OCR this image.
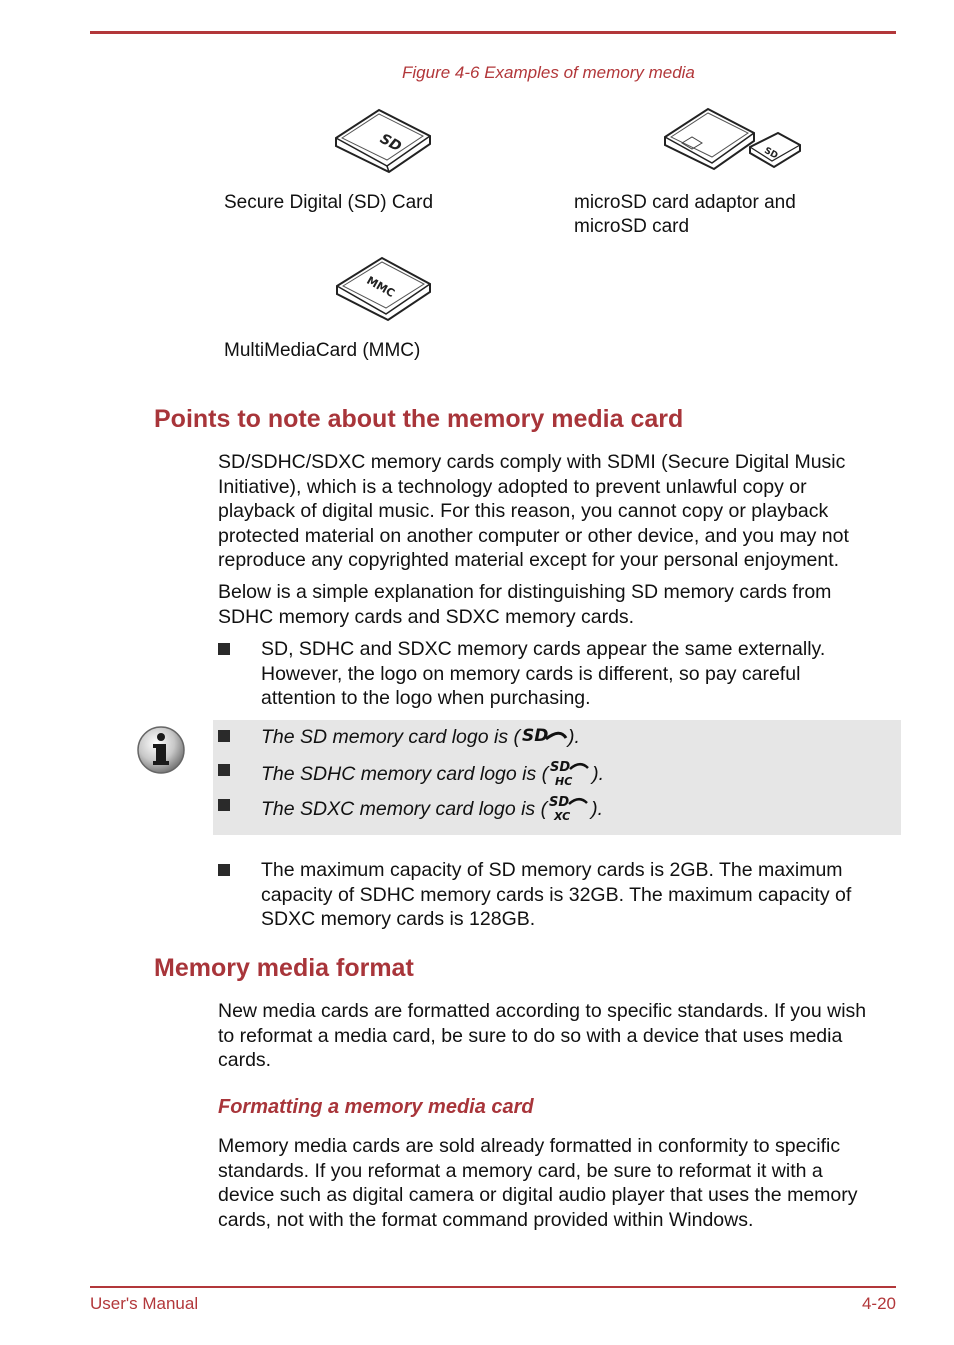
Figure 4-6 Examples of memory media
SD	SD
Secure Digital (SD) Card	microSD card adaptor and
microSD card
MMC
MultiMediaCard (MMC)
Points to note about the memory media card
SD/SDHC/SDXC memory cards comply with SDMI (Secure Digital Music
Initiative), which is a technology adopted to prevent unlawful copy or
playback of digital music. For this reason, you cannot copy or playback
protected material on another computer or other device, and you may not
reproduce any copyrighted material except for your personal enjoyment.
Below is a simple explanation for distinguishing SD memory cards from
SDHC memory cards and SDXC memory cards.
SD, SDHC and SDXC memory cards appear the same externally.
However, the logo on memory cards is different, so pay careful
attention to the logo when purchasing.
The SD memory card logo is ( SD ).
The SDHC memory card logo is ( SD
HC ).
The SDXC memory card logo is ( SD
XC ).
The maximum capacity of SD memory cards is 2GB. The maximum
capacity of SDHC memory cards is 32GB. The maximum capacity of
SDXC memory cards is 128GB.
Memory media format
New media cards are formatted according to specific standards. If you wish
to reformat a media card, be sure to do so with a device that uses media
cards.
Formatting a memory media card
Memory media cards are sold already formatted in conformity to specific
standards. If you reformat a memory card, be sure to reformat it with a
device such as digital camera or digital audio player that uses the memory
cards, not with the format command provided within Windows.
User's Manual	4-20
